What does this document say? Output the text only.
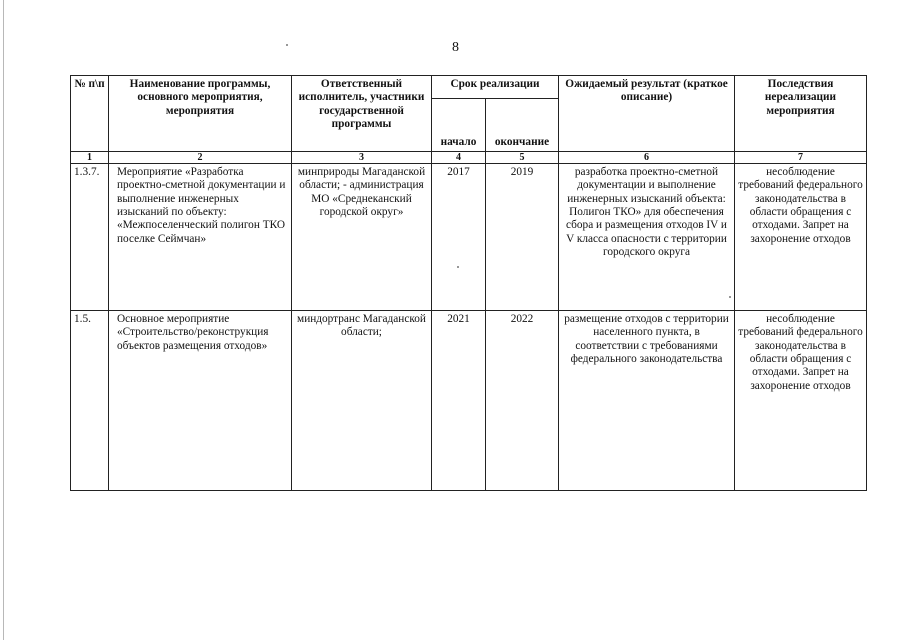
8
№ п\п	Наименование программы, основного мероприятия, мероприятия	Ответственный исполнитель, участники государственной программы	Срок реализации		Ожидаемый результат (краткое описание)	Последствия нереализации мероприятия
			начало	окончание		
1	2	3	4	5	6	7
1.3.7.	Мероприятие «Разработка проектно-сметной документации и выполнение инженерных изысканий по объекту: «Межпоселенческий полигон ТКО поселке Сеймчан»	минприроды Магаданской области; - администрация МО «Среднеканский городской округ»	2017	2019	разработка проектно-сметной документации и выполнение инженерных изысканий объекта: Полигон ТКО» для обеспечения сбора и размещения отходов IV и V класса опасности с территории городского округа	несоблюдение требований федерального законодательства в области обращения с отходами. Запрет на захоронение отходов
1.5.	Основное мероприятие «Строительство/реконструкция объектов размещения отходов»	миндортранс Магаданской области;	2021	2022	размещение отходов с территории населенного пункта, в соответствии с требованиями федерального законодательства	несоблюдение требований федерального законодательства в области обращения с отходами. Запрет на захоронение отходов
